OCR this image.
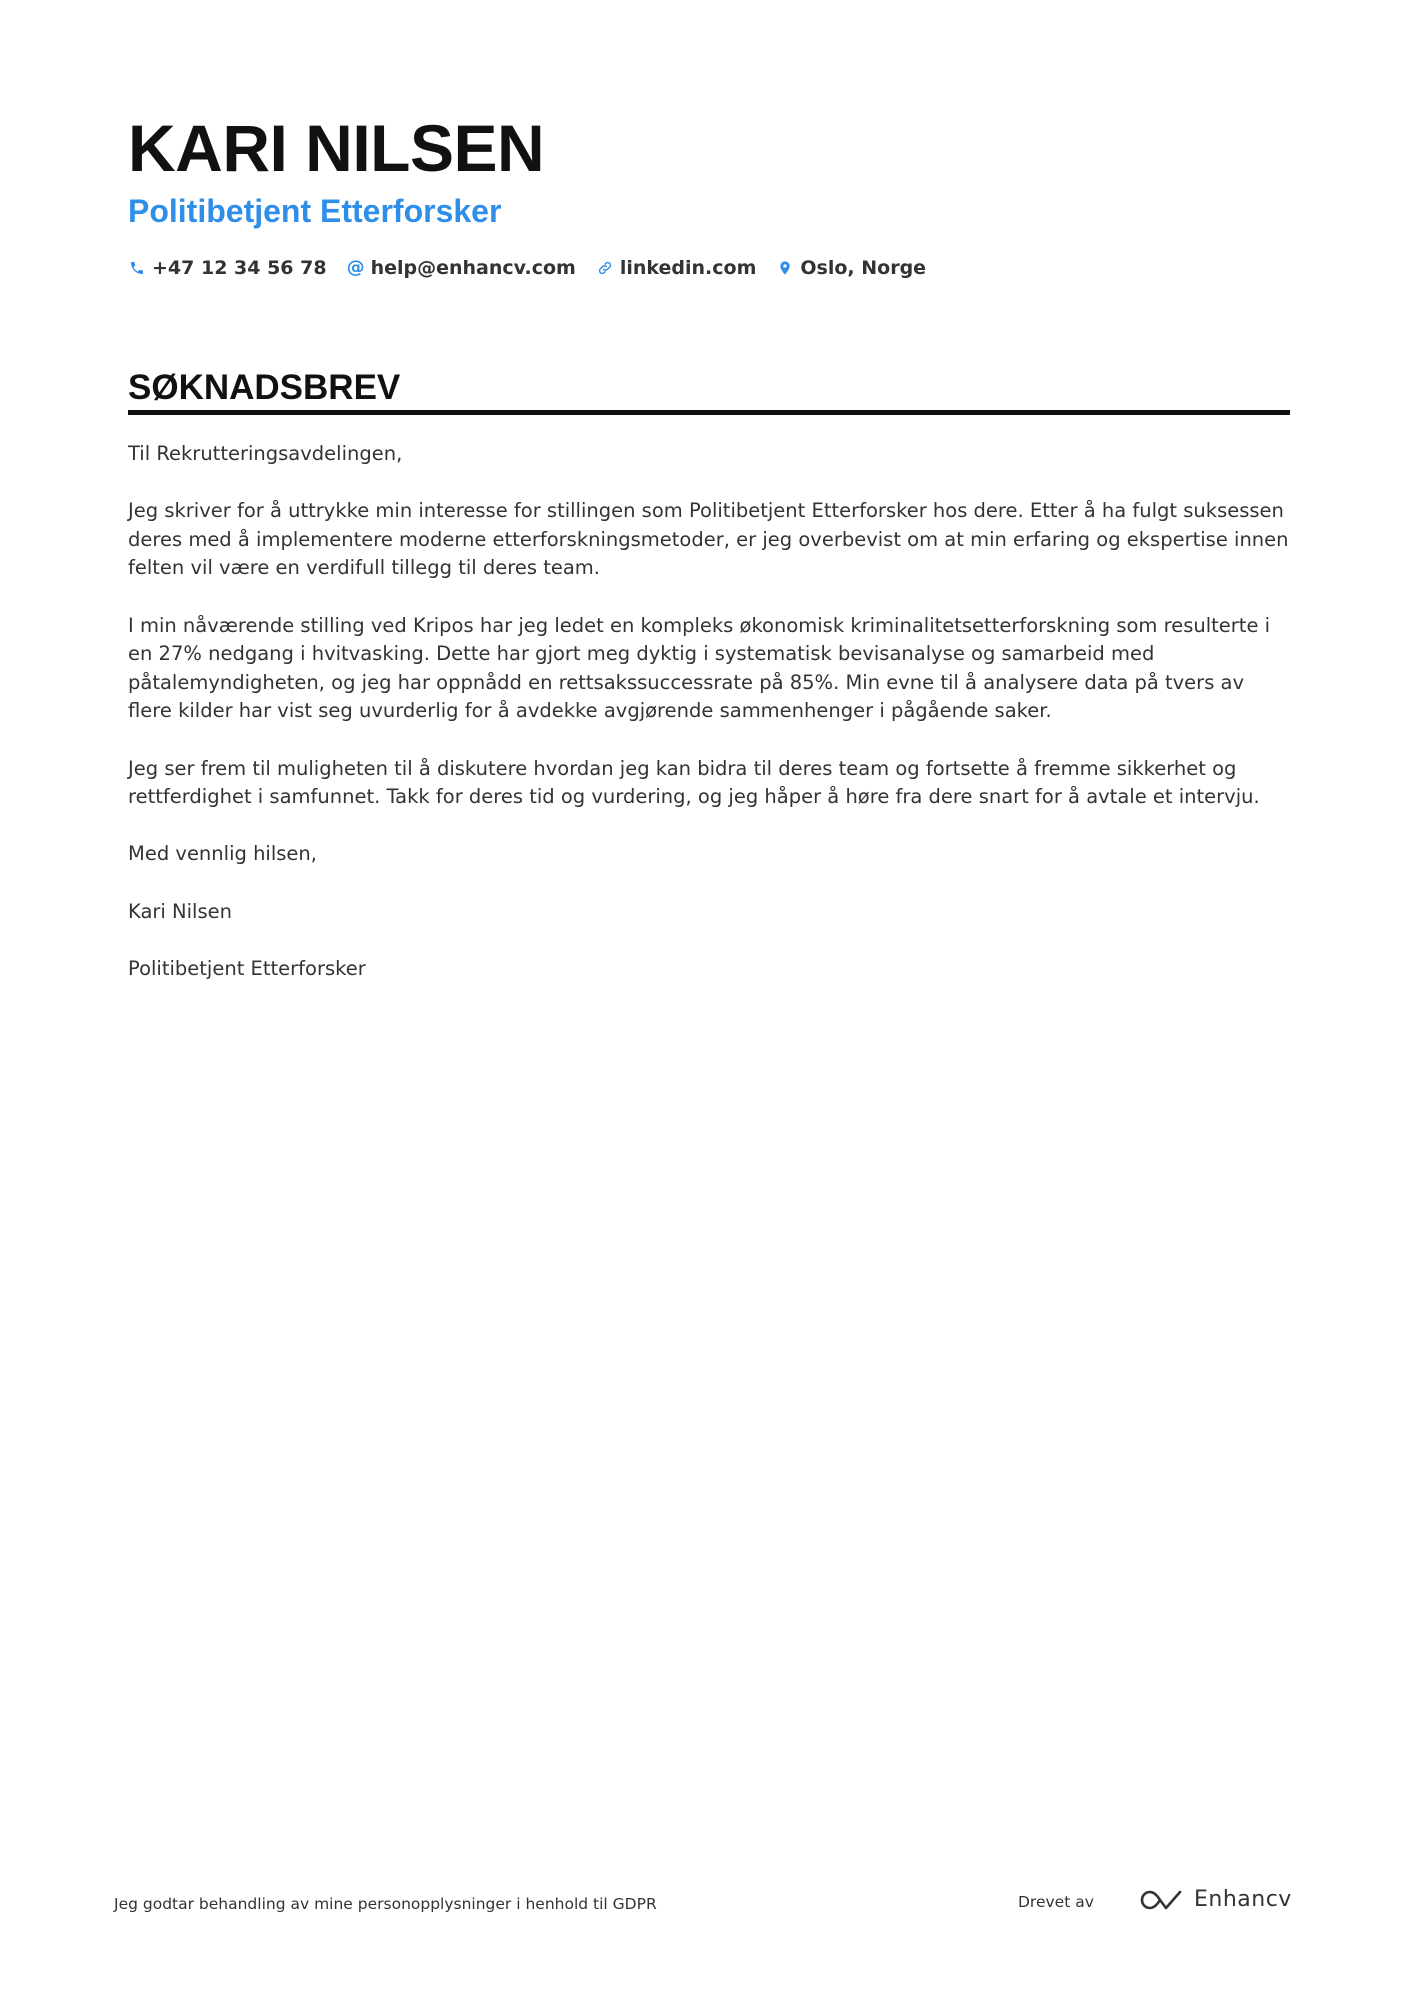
KARI NILSEN
Politibetjent Etterforsker
+47 12 34 56 78 @ help@enhancv.com linkedin.com Oslo, Norge
SØKNADSBREV

Til Rekrutteringsavdelingen,

Jeg skriver for å uttrykke min interesse for stillingen som Politibetjent Etterforsker hos dere. Etter å ha fulgt suksessen deres med å implementere moderne etterforskningsmetoder, er jeg overbevist om at min erfaring og ekspertise innen felten vil være en verdifull tillegg til deres team.

I min nåværende stilling ved Kripos har jeg ledet en kompleks økonomisk kriminalitetsetterforskning som resulterte i en 27% nedgang i hvitvasking. Dette har gjort meg dyktig i systematisk bevisanalyse og samarbeid med påtalemyndigheten, og jeg har oppnådd en rettsakssuccessrate på 85%. Min evne til å analysere data på tvers av flere kilder har vist seg uvurderlig for å avdekke avgjørende sammenhenger i pågående saker.

Jeg ser frem til muligheten til å diskutere hvordan jeg kan bidra til deres team og fortsette å fremme sikkerhet og rettferdighet i samfunnet. Takk for deres tid og vurdering, og jeg håper å høre fra dere snart for å avtale et intervju.

Med vennlig hilsen,

Kari Nilsen

Politibetjent Etterforsker

Jeg godtar behandling av mine personopplysninger i henhold til GDPR	Drevet av	Enhancv
